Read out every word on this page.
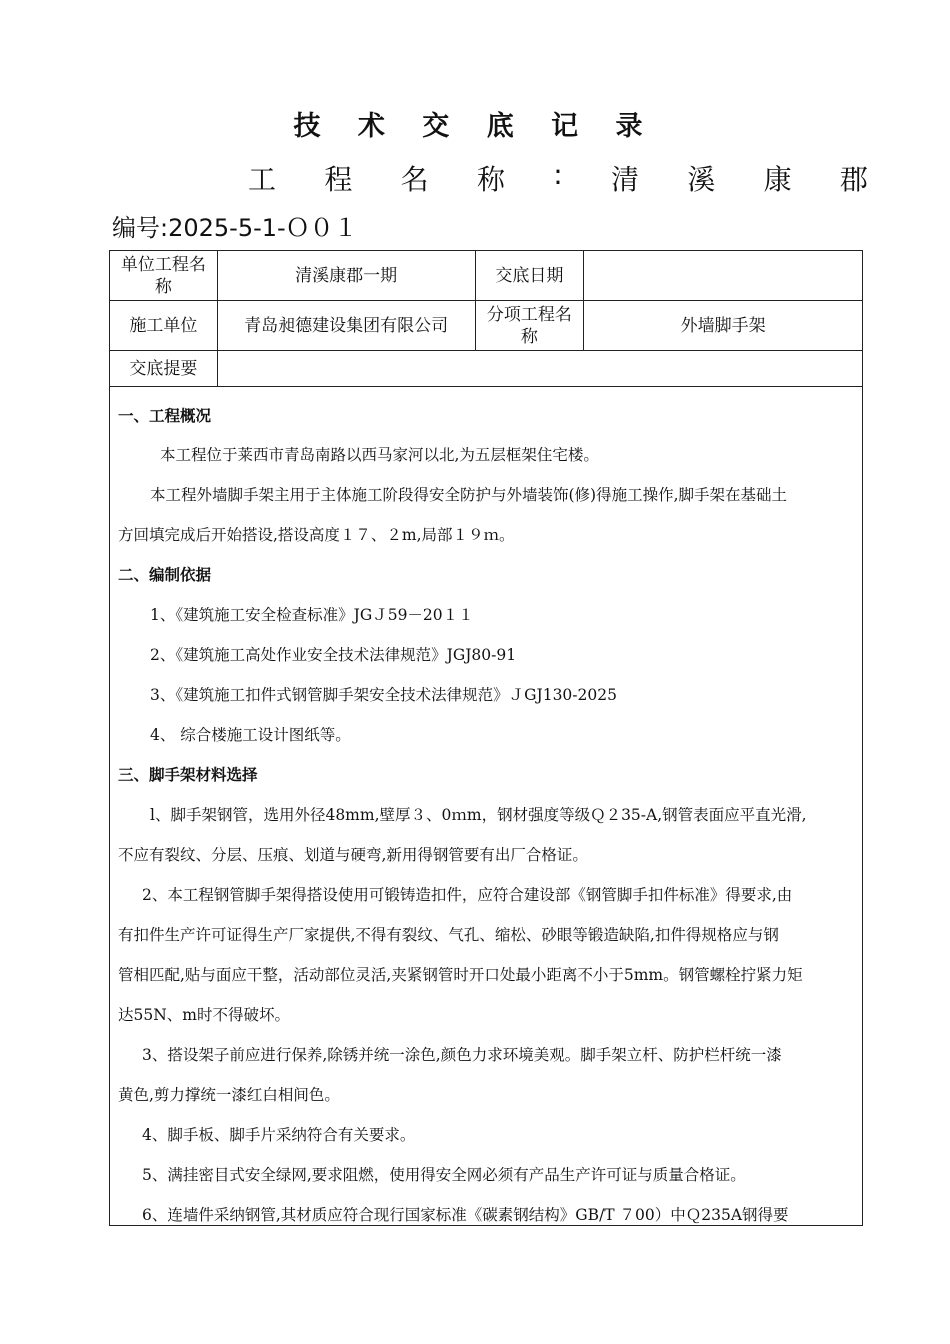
技 术 交 底 记 录
工 程 名 称 : 清 溪 康 郡
编号:2025-5-1-Ｏ０１
单位工程名称	清溪康郡一期	交底日期	
施工单位	青岛昶德建设集团有限公司	分项工程名称	外墙脚手架
交底提要			
一、工程概况
本工程位于莱西市青岛南路以西马家河以北,为五层框架住宅楼。
本工程外墙脚手架主用于主体施工阶段得安全防护与外墙装饰(修)得施工操作,脚手架在基础土
方回填完成后开始搭设,搭设高度１７、２m,局部１９ｍ。
二、编制依据
1、《建筑施工安全检查标准》JGＪ59－20１１
2、《建筑施工高处作业安全技术法律规范》JGJ80-91
3、《建筑施工扣件式钢管脚手架安全技术法律规范》ＪGJ130-2025
4、 综合楼施工设计图纸等。
三、脚手架材料选择
l、脚手架钢管，选用外径48mm,壁厚３、0ｍm，钢材强度等级Ｑ２35-A,钢管表面应平直光滑,
不应有裂纹、分层、压痕、划道与硬弯,新用得钢管要有出厂合格证。
2、本工程钢管脚手架得搭设使用可锻铸造扣件，应符合建设部《钢管脚手扣件标准》得要求,由
有扣件生产许可证得生产厂家提供,不得有裂纹、气孔、缩松、砂眼等锻造缺陷,扣件得规格应与钢
管相匹配,贴与面应干整，活动部位灵活,夹紧钢管时开口处最小距离不小于5mm。钢管螺栓拧紧力矩
达55N、m时不得破坏。
3、搭设架子前应进行保养,除锈并统一涂色,颜色力求环境美观。脚手架立杆、防护栏杆统一漆
黄色,剪力撑统一漆红白相间色。
4、脚手板、脚手片采纳符合有关要求。
5、满挂密目式安全绿网,要求阻燃，使用得安全网必须有产品生产许可证与质量合格证。
6、连墙件采纳钢管,其材质应符合现行国家标准《碳素钢结构》GB/T ７00）中Ｑ235A钢得要
